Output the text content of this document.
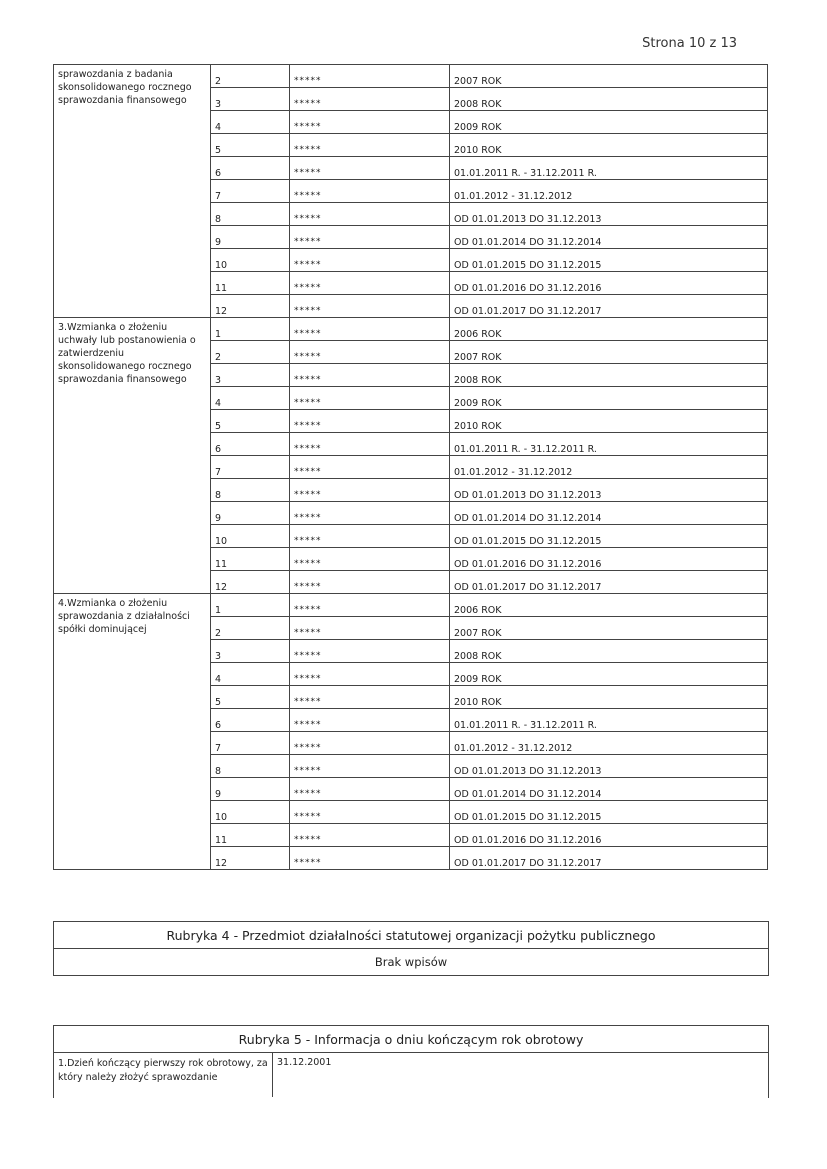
Strona 10 z 13
sprawozdania z badania skonsolidowanego rocznego sprawozdania finansowego	2	*****	2007 ROK
	3	*****	2008 ROK
	4	*****	2009 ROK
	5	*****	2010 ROK
	6	*****	01.01.2011 R. - 31.12.2011 R.
	7	*****	01.01.2012 - 31.12.2012
	8	*****	OD 01.01.2013 DO 31.12.2013
	9	*****	OD 01.01.2014 DO 31.12.2014
	10	*****	OD 01.01.2015 DO 31.12.2015
	11	*****	OD 01.01.2016 DO 31.12.2016
	12	*****	OD 01.01.2017 DO 31.12.2017
3.Wzmianka o złożeniu uchwały lub postanowienia o zatwierdzeniu skonsolidowanego rocznego sprawozdania finansowego	1	*****	2006 ROK
	2	*****	2007 ROK
	3	*****	2008 ROK
	4	*****	2009 ROK
	5	*****	2010 ROK
	6	*****	01.01.2011 R. - 31.12.2011 R.
	7	*****	01.01.2012 - 31.12.2012
	8	*****	OD 01.01.2013 DO 31.12.2013
	9	*****	OD 01.01.2014 DO 31.12.2014
	10	*****	OD 01.01.2015 DO 31.12.2015
	11	*****	OD 01.01.2016 DO 31.12.2016
	12	*****	OD 01.01.2017 DO 31.12.2017
4.Wzmianka o złożeniu sprawozdania z działalności spółki dominującej	1	*****	2006 ROK
	2	*****	2007 ROK
	3	*****	2008 ROK
	4	*****	2009 ROK
	5	*****	2010 ROK
	6	*****	01.01.2011 R. - 31.12.2011 R.
	7	*****	01.01.2012 - 31.12.2012
	8	*****	OD 01.01.2013 DO 31.12.2013
	9	*****	OD 01.01.2014 DO 31.12.2014
	10	*****	OD 01.01.2015 DO 31.12.2015
	11	*****	OD 01.01.2016 DO 31.12.2016
	12	*****	OD 01.01.2017 DO 31.12.2017
Rubryka 4 - Przedmiot działalności statutowej organizacji pożytku publicznego
Brak wpisów
Rubryka 5 - Informacja o dniu kończącym rok obrotowy
1.Dzień kończący pierwszy rok obrotowy, za który należy złożyć sprawozdanie
31.12.2001
